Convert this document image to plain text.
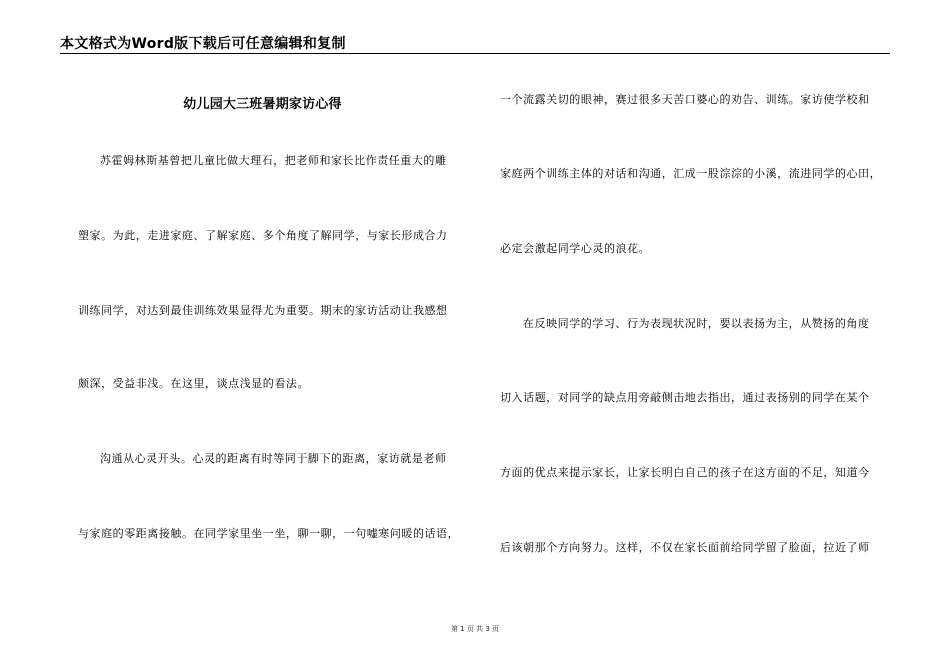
本文格式为Word版下载后可任意编辑和复制
幼儿园大三班暑期家访心得
苏霍姆林斯基曾把儿童比做大理石，把老师和家长比作责任重大的雕
塑家。为此，走进家庭、了解家庭、多个角度了解同学，与家长形成合力
训练同学，对达到最佳训练效果显得尤为重要。期末的家访活动让我感想
颇深，受益非浅。在这里，谈点浅显的看法。
沟通从心灵开头。心灵的距离有时等同于脚下的距离，家访就是老师
与家庭的零距离接触。在同学家里坐一坐，聊一聊，一句嘘寒问暖的话语，
一个流露关切的眼神，赛过很多天苦口婆心的劝告、训练。家访使学校和
家庭两个训练主体的对话和沟通，汇成一股淙淙的小溪，流进同学的心田，
必定会激起同学心灵的浪花。
在反映同学的学习、行为表现状况时，要以表扬为主，从赞扬的角度
切入话题，对同学的缺点用旁敲侧击地去指出，通过表扬别的同学在某个
方面的优点来提示家长，让家长明白自己的孩子在这方面的不足，知道今
后该朝那个方向努力。这样，不仅在家长面前给同学留了脸面，拉近了师
第 1 页 共 3 页
